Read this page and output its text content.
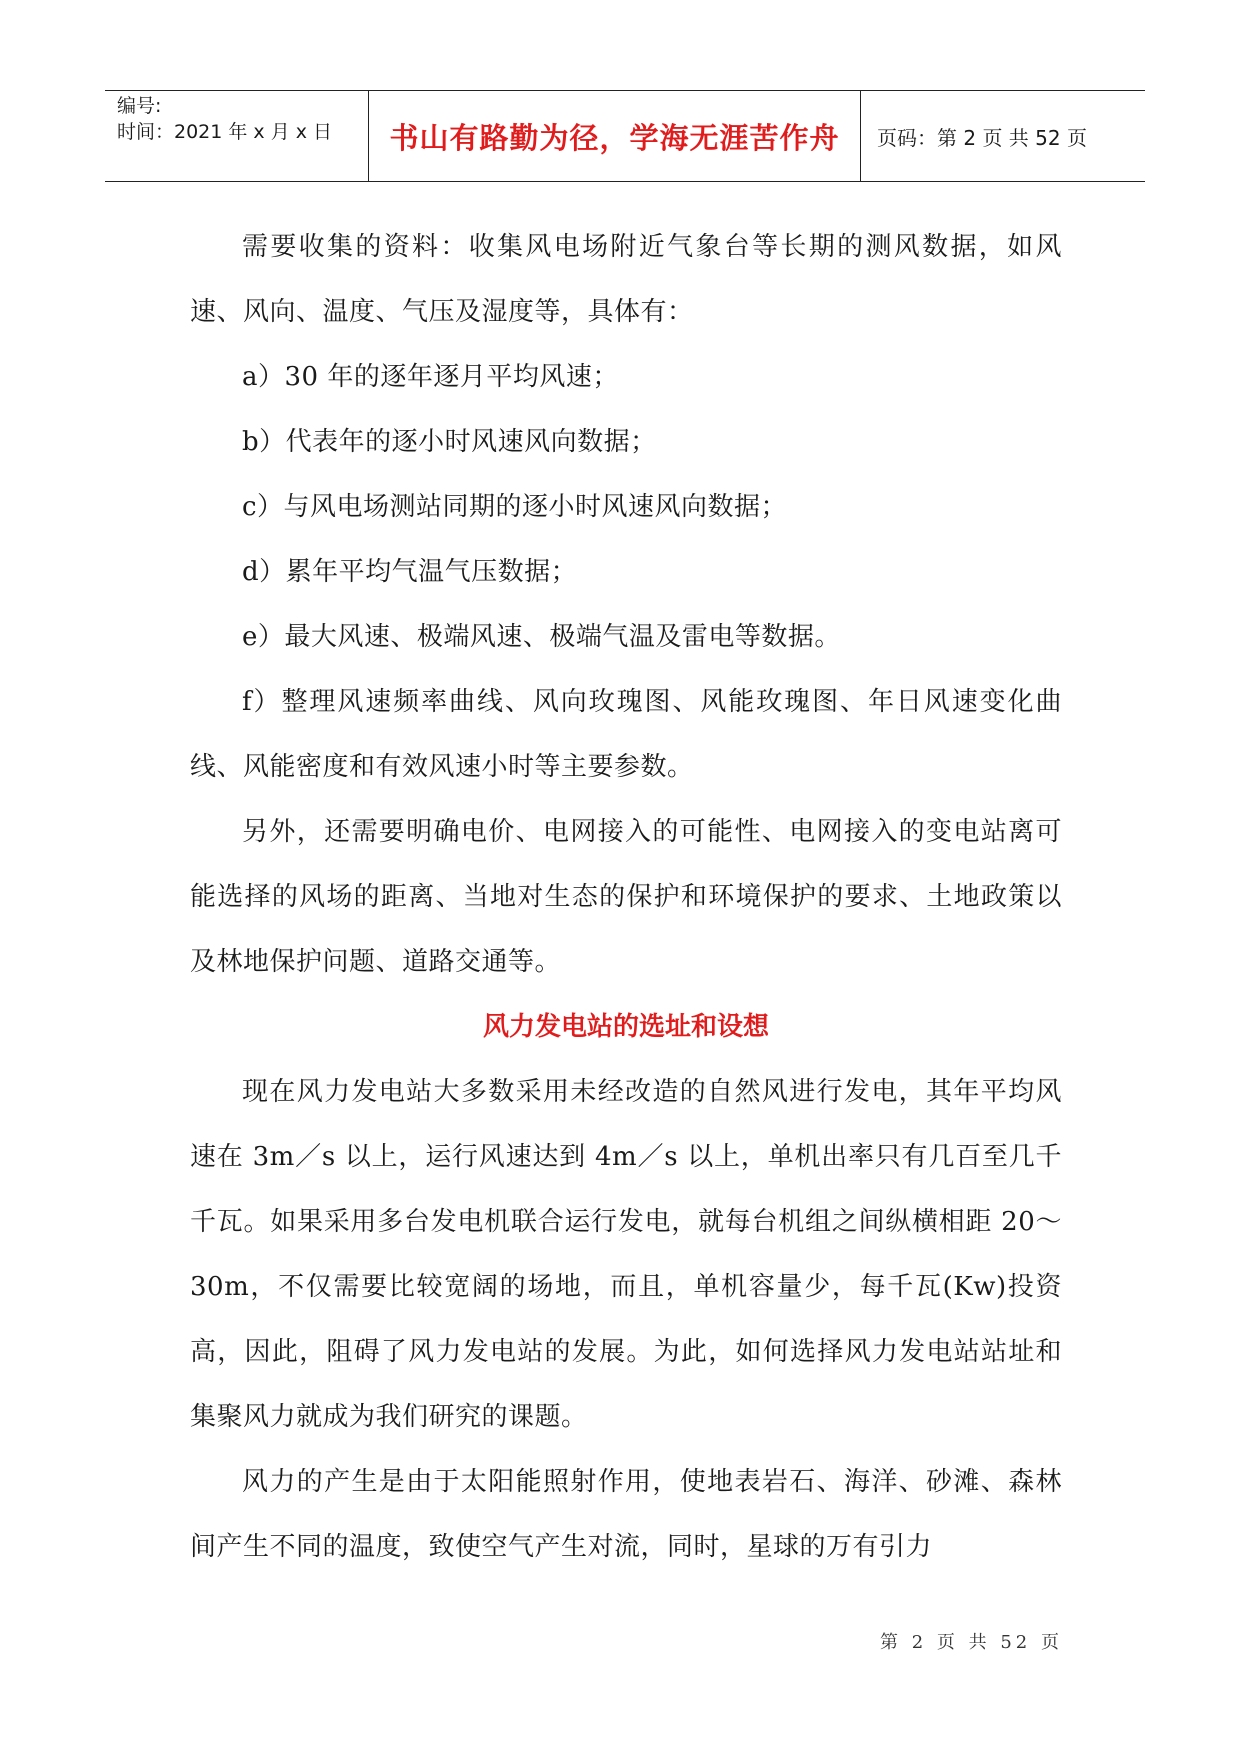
编号:
时间：2021 年 x 月 x 日	书山有路勤为径，学海无涯苦作舟 页码：第 2 页 共 52 页

需要收集的资料：收集风电场附近气象台等长期的测风数据，如风速、风向、温度、气压及湿度等，具体有：

a）30 年的逐年逐月平均风速；

b）代表年的逐小时风速风向数据；

c）与风电场测站同期的逐小时风速风向数据；

d）累年平均气温气压数据；

e）最大风速、极端风速、极端气温及雷电等数据。

f）整理风速频率曲线、风向玫瑰图、风能玫瑰图、年日风速变化曲线、风能密度和有效风速小时等主要参数。

另外，还需要明确电价、电网接入的可能性、电网接入的变电站离可能选择的风场的距离、当地对生态的保护和环境保护的要求、土地政策以及林地保护问题、道路交通等。

风力发电站的选址和设想

现在风力发电站大多数采用未经改造的自然风进行发电，其年平均风速在 3m／s 以上，运行风速达到 4m／s 以上，单机出率只有几百至几千千瓦。如果采用多台发电机联合运行发电，就每台机组之间纵横相距 20～30m，不仅需要比较宽阔的场地，而且，单机容量少，每千瓦(Kw)投资高，因此，阻碍了风力发电站的发展。为此，如何选择风力发电站站址和集聚风力就成为我们研究的课题。

风力的产生是由于太阳能照射作用，使地表岩石、海洋、砂滩、森林间产生不同的温度，致使空气产生对流，同时，星球的万有引力

第 2 页 共 52 页
